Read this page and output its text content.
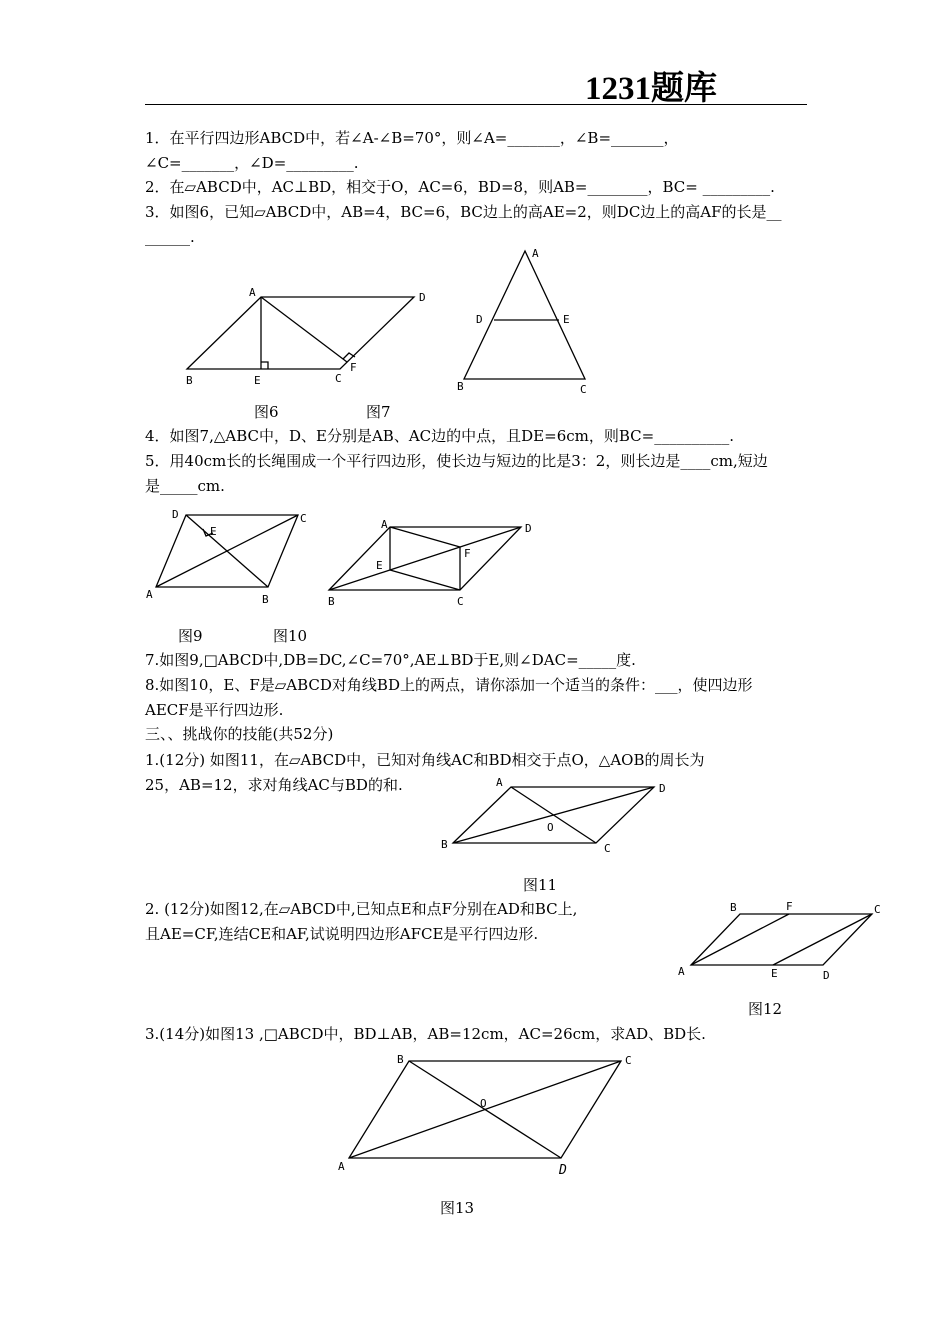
1231题库
1．在平行四边形ABCD中，若∠A-∠B=70°，则∠A=_______，∠B=_______，
∠C=_______，∠D=_________.
2．在▱ABCD中，AC⊥BD，相交于O，AC=6，BD=8，则AB=________，BC= _________.
3．如图6，已知▱ABCD中，AB=4，BC=6，BC边上的高AE=2，则DC边上的高AF的长是__
______.
A	D
B	E	C
F
A
D	E
B	C
图6	图7
4．如图7,△ABC中，D、E分别是AB、AC边的中点，且DE=6cm，则BC=__________.
5．用40cm长的长绳围成一个平行四边形，使长边与短边的比是3：2，则长边是____cm,短边
是_____cm.
D	C
E
A	B
A	D
E
F
B	C
图9	图10
7.如图9,□ABCD中,DB=DC,∠C=70°,AE⊥BD于E,则∠DAC=_____度.
8.如图10，E、F是▱ABCD对角线BD上的两点，请你添加一个适当的条件：___，使四边形
AECF是平行四边形.
三、、挑战你的技能(共52分)
1.(12分) 如图11，在▱ABCD中，已知对角线AC和BD相交于点O，△AOB的周长为
25，AB=12，求对角线AC与BD的和.	A	D
O
B	C
图11
2. (12分)如图12,在▱ABCD中,已知点E和点F分别在AD和BC上,
且AE=CF,连结CE和AF,试说明四边形AFCE是平行四边形.
B	F	C
A	E	D
图12
3.(14分)如图13 ,□ABCD中，BD⊥AB，AB=12cm，AC=26cm，求AD、BD长.
B	C
O
A	D
图13
